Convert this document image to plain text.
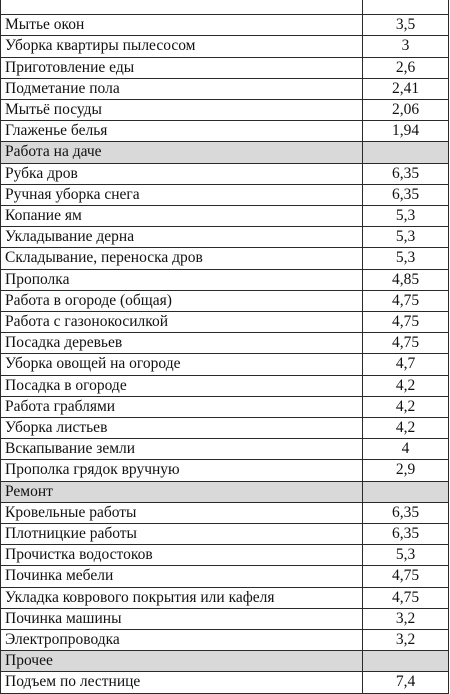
Мытье окон	3,5
Уборка квартиры пылесосом	3
Приготовление еды	2,6
Подметание пола	2,41
Мытьё посуды	2,06
Глаженье белья	1,94
Работа на даче	
Рубка дров	6,35
Ручная уборка снега	6,35
Копание ям	5,3
Укладывание дерна	5,3
Складывание, переноска дров	5,3
Прополка	4,85
Работа в огороде (общая)	4,75
Работа с газонокосилкой	4,75
Посадка деревьев	4,75
Уборка овощей на огороде	4,7
Посадка в огороде	4,2
Работа граблями	4,2
Уборка листьев	4,2
Вскапывание земли	4
Прополка грядок вручную	2,9
Ремонт	
Кровельные работы	6,35
Плотницкие работы	6,35
Прочистка водостоков	5,3
Починка мебели	4,75
Укладка коврового покрытия или кафеля	4,75
Починка машины	3,2
Электропроводка	3,2
Прочее	
Подъем по лестнице	7,4
